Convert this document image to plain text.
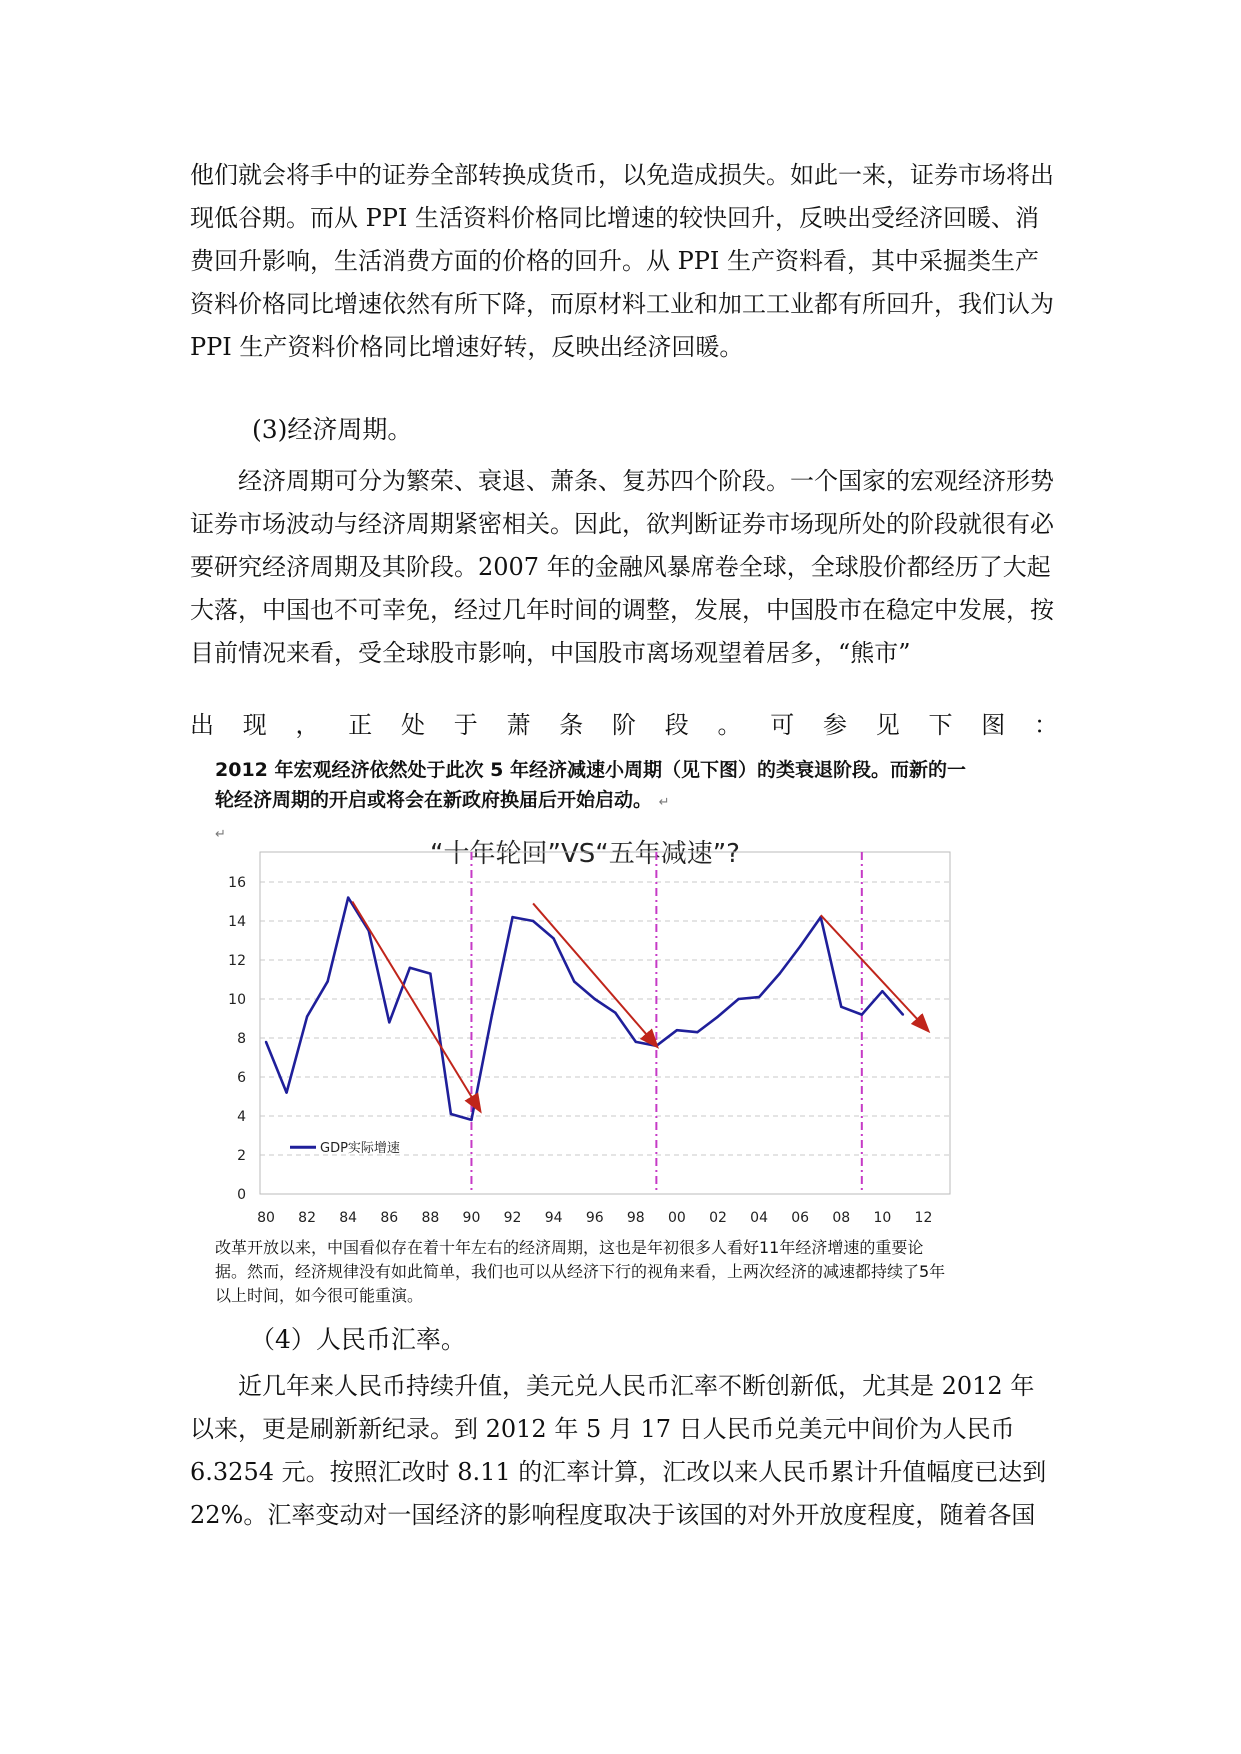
他们就会将手中的证券全部转换成货币，以免造成损失。如此一来，证券市场将出现低谷期。而从 PPI 生活资料价格同比增速的较快回升，反映出受经济回暖、消费回升影响，生活消费方面的价格的回升。从 PPI 生产资料看，其中采掘类生产资料价格同比增速依然有所下降，而原材料工业和加工工业都有所回升，我们认为 PPI 生产资料价格同比增速好转，反映出经济回暖。

(3)经济周期。

经济周期可分为繁荣、衰退、萧条、复苏四个阶段。一个国家的宏观经济形势证券市场波动与经济周期紧密相关。因此，欲判断证券市场现所处的阶段就很有必要研究经济周期及其阶段。2007 年的金融风暴席卷全球，全球股价都经历了大起大落，中国也不可幸免，经过几年时间的调整，发展，中国股市在稳定中发展，按目前情况来看，受全球股市影响，中国股市离场观望着居多，“熊市”

出 现 ， 正 处 于 萧 条 阶 段 。 可 参 见 下 图 ：

2012 年宏观经济依然处于此次 5 年经济减速小周期（见下图）的类衰退阶段。而新的一轮经济周期的开启或将会在新政府换届后开始启动。 ↵
↵
“十年轮回”VS“五年减速”?
0
2
4
6
8
10
12
14
16
80 82 84 86 88 90 92 94 96 98 00 02 04 06 08 10 12
GDP实际增速
改革开放以来，中国看似存在着十年左右的经济周期，这也是年初很多人看好11年经济增速的重要论据。然而，经济规律没有如此简单，我们也可以从经济下行的视角来看，上两次经济的减速都持续了5年以上时间，如今很可能重演。
（4）人民币汇率。

近几年来人民币持续升值，美元兑人民币汇率不断创新低，尤其是 2012 年以来，更是刷新新纪录。到 2012 年 5 月 17 日人民币兑美元中间价为人民币 6.3254 元。按照汇改时 8.11 的汇率计算，汇改以来人民币累计升值幅度已达到 22%。汇率变动对一国经济的影响程度取决于该国的对外开放度程度，随着各国
